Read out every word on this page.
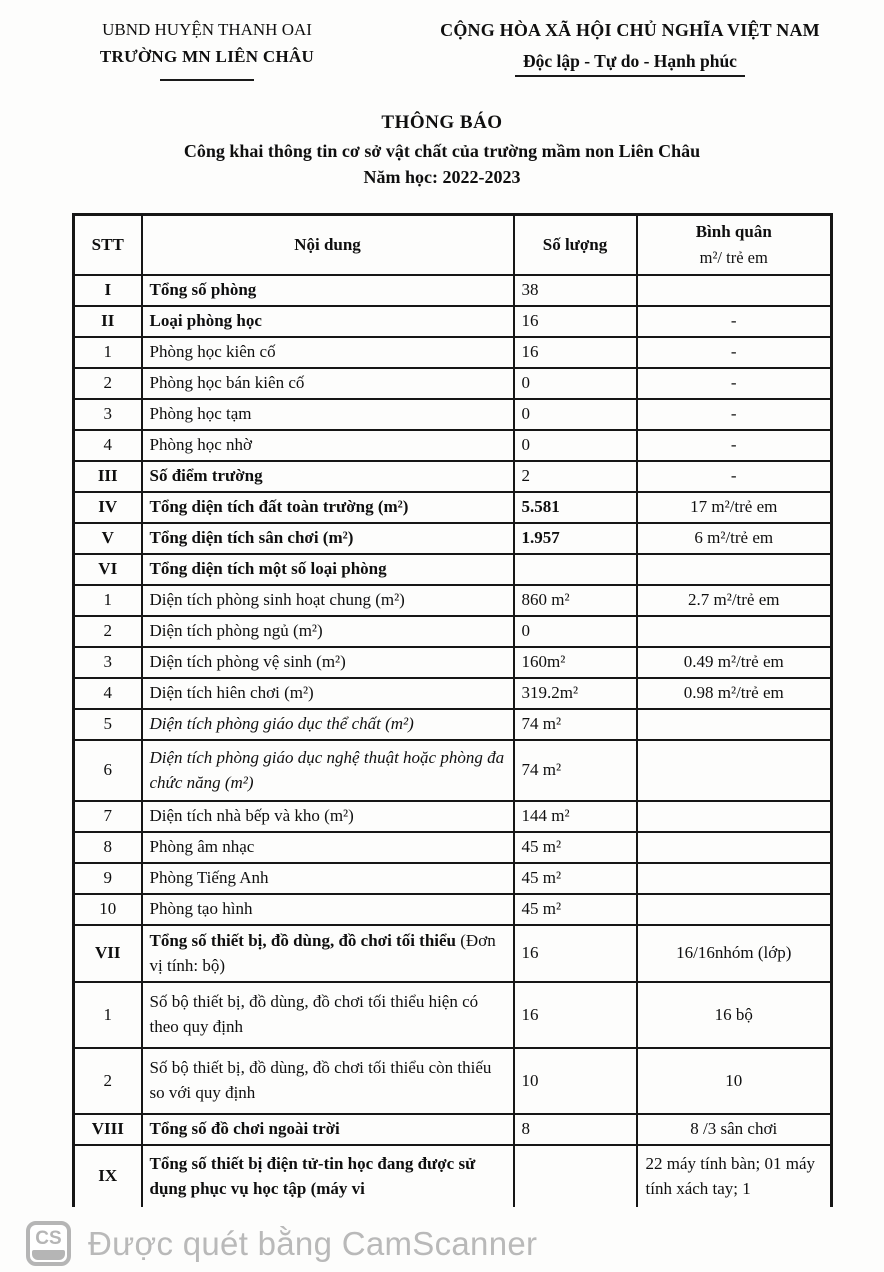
UBND HUYỆN THANH OAI
TRƯỜNG MN LIÊN CHÂU
CỘNG HÒA XÃ HỘI CHỦ NGHĨA VIỆT NAM
Độc lập - Tự do - Hạnh phúc
THÔNG BÁO
Công khai thông tin cơ sở vật chất của trường mầm non Liên Châu
Năm học: 2022-2023
STT	Nội dung	Số lượng	Bình quân
m²/ trẻ em

I	Tổng số phòng	38	
II	Loại phòng học	16	-
1	Phòng học kiên cố	16	-
2	Phòng học bán kiên cố	0	-
3	Phòng học tạm	0	-
4	Phòng học nhờ	0	-
III	Số điểm trường	2	-
IV	Tổng diện tích đất toàn trường (m²)	5.581	17 m²/trẻ em
V	Tổng diện tích sân chơi (m²)	1.957	6 m²/trẻ em
VI	Tổng diện tích một số loại phòng		
1	Diện tích phòng sinh hoạt chung (m²)	860 m²	2.7 m²/trẻ em
2	Diện tích phòng ngủ (m²)	0	
3	Diện tích phòng vệ sinh (m²)	160m²	0.49 m²/trẻ em
4	Diện tích hiên chơi (m²)	319.2m²	0.98 m²/trẻ em
5	Diện tích phòng giáo dục thể chất (m²)	74 m²	
6	Diện tích phòng giáo dục nghệ thuật hoặc phòng đa chức năng (m²)	74 m²	
7	Diện tích nhà bếp và kho (m²)	144 m²	
8	Phòng âm nhạc	45 m²	
9	Phòng Tiếng Anh	45 m²	
10	Phòng tạo hình	45 m²	
VII	Tổng số thiết bị, đồ dùng, đồ chơi tối thiểu (Đơn vị tính: bộ)	16	16/16nhóm (lớp)
1	Số bộ thiết bị, đồ dùng, đồ chơi tối thiểu hiện có theo quy định	16	16 bộ
2	Số bộ thiết bị, đồ dùng, đồ chơi tối thiểu còn thiếu so với quy định	10	10
VIII	Tổng số đồ chơi ngoài trời	8	8 /3 sân chơi
IX	Tổng số thiết bị điện tử-tin học đang được sử dụng phục vụ học tập (máy vi		22 máy tính bàn; 01 máy tính xách tay; 1
CS Được quét bằng CamScanner
